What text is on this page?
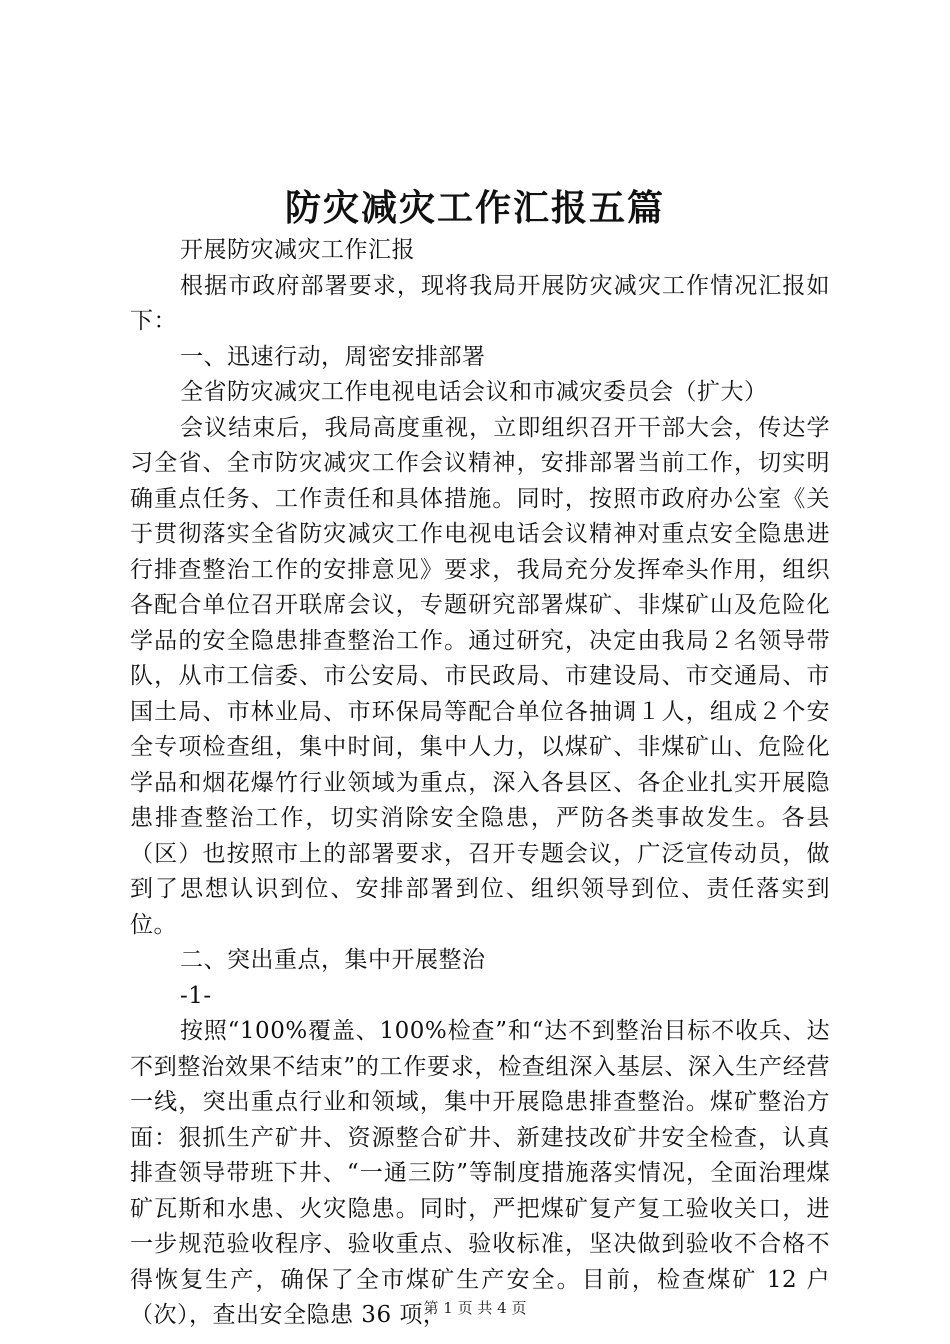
防灾减灾工作汇报五篇

开展防灾减灾工作汇报

根据市政府部署要求，现将我局开展防灾减灾工作情况汇报如下：

一、迅速行动，周密安排部署

全省防灾减灾工作电视电话会议和市减灾委员会（扩大）

会议结束后，我局高度重视，立即组织召开干部大会，传达学习全省、全市防灾减灾工作会议精神，安排部署当前工作，切实明确重点任务、工作责任和具体措施。同时，按照市政府办公室《关于贯彻落实全省防灾减灾工作电视电话会议精神对重点安全隐患进行排查整治工作的安排意见》要求，我局充分发挥牵头作用，组织各配合单位召开联席会议，专题研究部署煤矿、非煤矿山及危险化学品的安全隐患排查整治工作。通过研究，决定由我局２名领导带队，从市工信委、市公安局、市民政局、市建设局、市交通局、市国土局、市林业局、市环保局等配合单位各抽调１人，组成２个安全专项检查组，集中时间，集中人力，以煤矿、非煤矿山、危险化学品和烟花爆竹行业领域为重点，深入各县区、各企业扎实开展隐患排查整治工作，切实消除安全隐患，严防各类事故发生。各县（区）也按照市上的部署要求，召开专题会议，广泛宣传动员，做到了思想认识到位、安排部署到位、组织领导到位、责任落实到位。

二、突出重点，集中开展整治

-1-

按照“100%覆盖、100%检查”和“达不到整治目标不收兵、达不到整治效果不结束”的工作要求，检查组深入基层、深入生产经营一线，突出重点行业和领域，集中开展隐患排查整治。煤矿整治方面：狠抓生产矿井、资源整合矿井、新建技改矿井安全检查，认真排查领导带班下井、“一通三防”等制度措施落实情况，全面治理煤矿瓦斯和水患、火灾隐患。同时，严把煤矿复产复工验收关口，进一步规范验收程序、验收重点、验收标准，坚决做到验收不合格不得恢复生产，确保了全市煤矿生产安全。目前，检查煤矿 12 户（次），查出安全隐患 36 项，

第 1 页 共 4 页
